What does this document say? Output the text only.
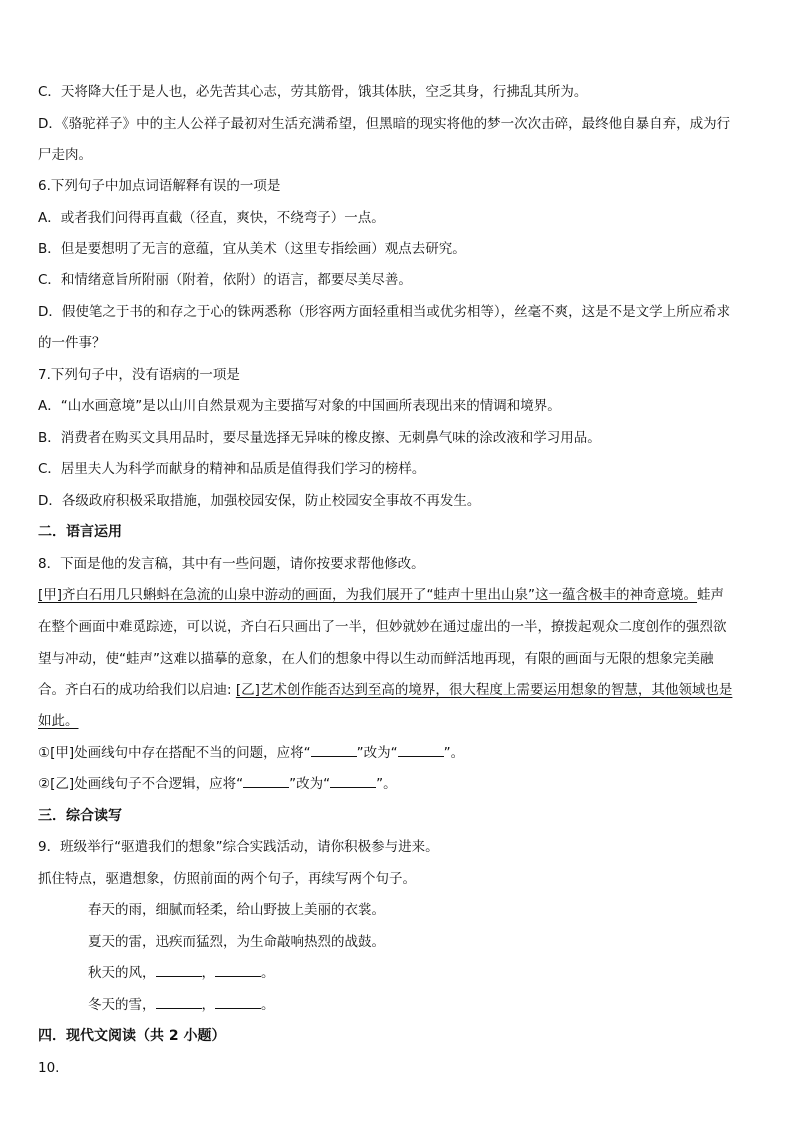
C．天将降大任于是人也，必先苦其心志，劳其筋骨，饿其体肤，空乏其身，行拂乱其所为。
D．《骆驼祥子》中的主人公祥子最初对生活充满希望，但黑暗的现实将他的梦一次次击碎，最终他自暴自弃，成为行
尸走肉。
6.下列句子中加点词语解释有误的一项是
A．或者我们问得再直截（径直，爽快，不绕弯子）一点。
B．但是要想明了无言的意蕴，宜从美术（这里专指绘画）观点去研究。
C．和情绪意旨所附丽（附着，依附）的语言，都要尽美尽善。
D．假使笔之于书的和存之于心的铢两悉称（形容两方面轻重相当或优劣相等），丝毫不爽，这是不是文学上所应希求
的一件事？
7.下列句子中，没有语病的一项是
A．“山水画意境”是以山川自然景观为主要描写对象的中国画所表现出来的情调和境界。
B．消费者在购买文具用品时，要尽量选择无异味的橡皮擦、无刺鼻气味的涂改液和学习用品。
C．居里夫人为科学而献身的精神和品质是值得我们学习的榜样。
D．各级政府积极采取措施，加强校园安保，防止校园安全事故不再发生。
二．语言运用
8．下面是他的发言稿，其中有一些问题，请你按要求帮他修改。
[甲]齐白石用几只蝌蚪在急流的山泉中游动的画面，为我们展开了“蛙声十里出山泉”这一蕴含极丰的神奇意境。蛙声
在整个画面中难觅踪迹，可以说，齐白石只画出了一半，但妙就妙在通过虚出的一半，撩拨起观众二度创作的强烈欲
望与冲动，使“蛙声”这难以描摹的意象，在人们的想象中得以生动而鲜活地再现，有限的画面与无限的想象完美融
合。齐白石的成功给我们以启迪: [乙]艺术创作能否达到至高的境界，很大程度上需要运用想象的智慧，其他领域也是
如此。
①[甲]处画线句中存在搭配不当的问题，应将“	”改为“	”。
②[乙]处画线句子不合逻辑，应将“	”改为“	”。
三．综合读写
9．班级举行“驱遣我们的想象”综合实践活动，请你积极参与进来。
抓住特点，驱遣想象，仿照前面的两个句子，再续写两个句子。
春天的雨，细腻而轻柔，给山野披上美丽的衣裳。
夏天的雷，迅疾而猛烈，为生命敲响热烈的战鼓。
秋天的风，	，	。
冬天的雪，	，	。
四．现代文阅读（共 2 小题）
10.
